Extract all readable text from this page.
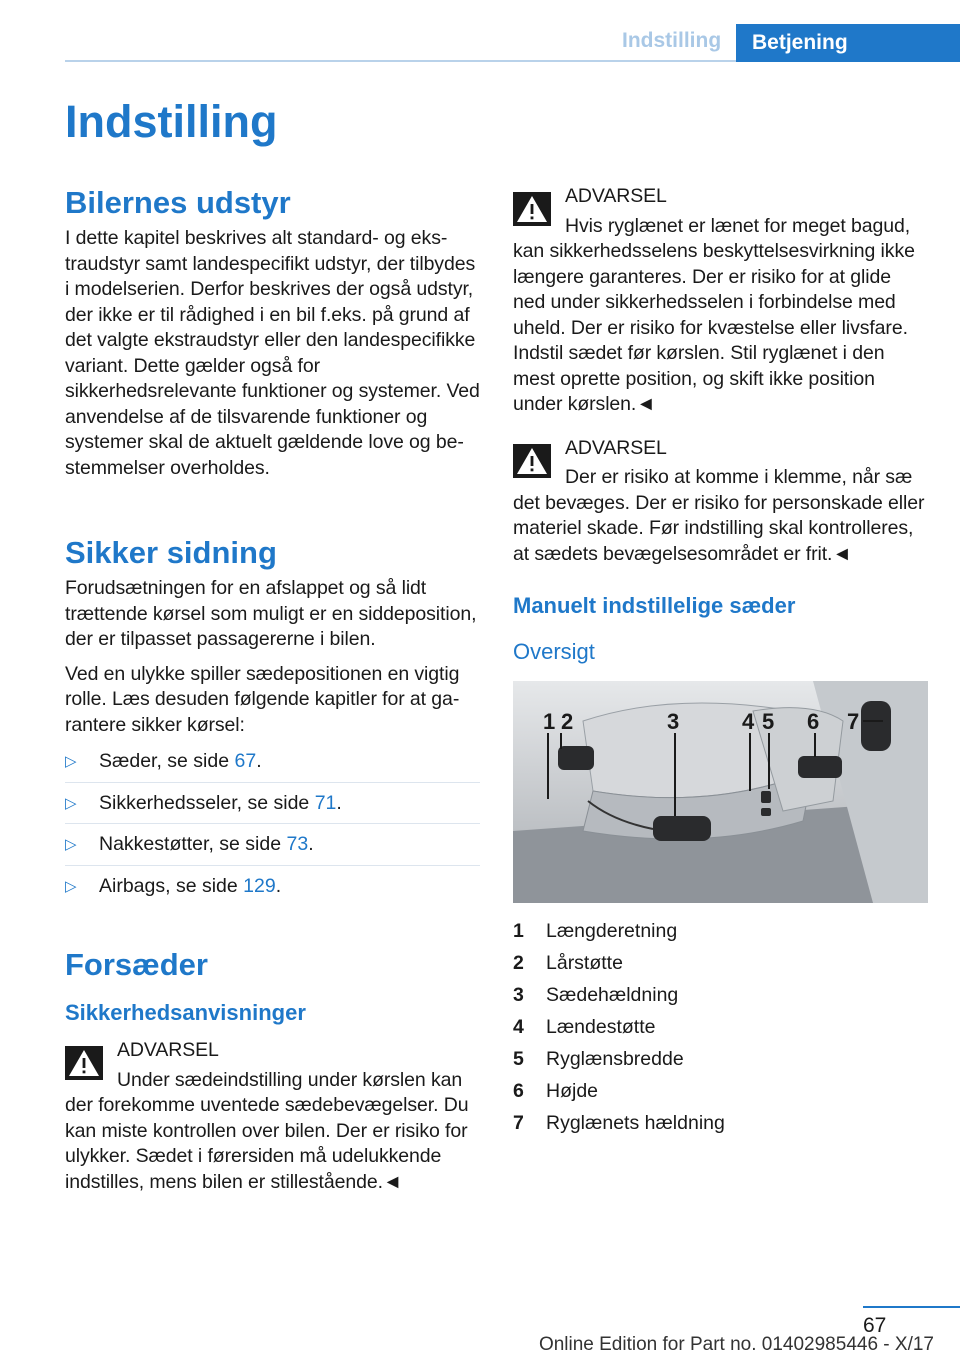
Indstilling	Betjening
Indstilling
Bilernes udstyr

I dette kapitel beskrives alt standard- og ekstraudstyr samt landespecifikt udstyr, der tilbydes i modelserien. Derfor beskrives der også udstyr, der ikke er til rådighed i en bil f.eks. på grund af det valgte ekstraudstyr eller den landespecifikke variant. Dette gælder også for sikkerhedsrelevante funktioner og systemer. Ved anvendelse af de tilsvarende funktioner og systemer skal de aktuelt gældende love og bestemmelser overholdes.

Sikker sidning

Forudsætningen for en afslappet og så lidt trættende kørsel som muligt er en siddeposition, der er tilpasset passagererne i bilen.

Ved en ulykke spiller sædepositionen en vigtig rolle. Læs desuden følgende kapitler for at garantere sikker kørsel:

▷ Sæder, se side 67.
▷ Sikkerhedsseler, se side 71.
▷ Nakkestøtter, se side 73.
▷ Airbags, se side 129.
Forsæder
Sikkerhedsanvisninger

ADVARSEL

Under sædeindstilling under kørslen kan

der forekomme uventede sædebevægelser. Du kan miste kontrollen over bilen. Der er risiko for ulykker. Sædet i førersiden må udelukkende indstilles, mens bilen er stillestående.◄

ADVARSEL

Hvis ryglænet er lænet for meget bagud,

kan sikkerhedsselens beskyttelsesvirkning ikke længere garanteres. Der er risiko for at glide ned under sikkerhedsselen i forbindelse med uheld. Der er risiko for kvæstelse eller livsfare. Indstil sædet før kørslen. Stil ryglænet i den mest oprette position, og skift ikke position under kørslen.◄

ADVARSEL

Der er risiko at komme i klemme, når sæ

det bevæges. Der er risiko for personskade eller materiel skade. Før indstilling skal kontrolleres, at sædets bevægelsesområdet er frit.◄

Manuelt indstillelige sæder
Oversigt
1 2	3	4 5 6 7
1 Længderetning
2 Lårstøtte
3 Sædehældning
4 Lændestøtte
5 Ryglænsbredde
6 Højde
7 Ryglænets hældning
67
Online Edition for Part no. 01402985446 - X/17
